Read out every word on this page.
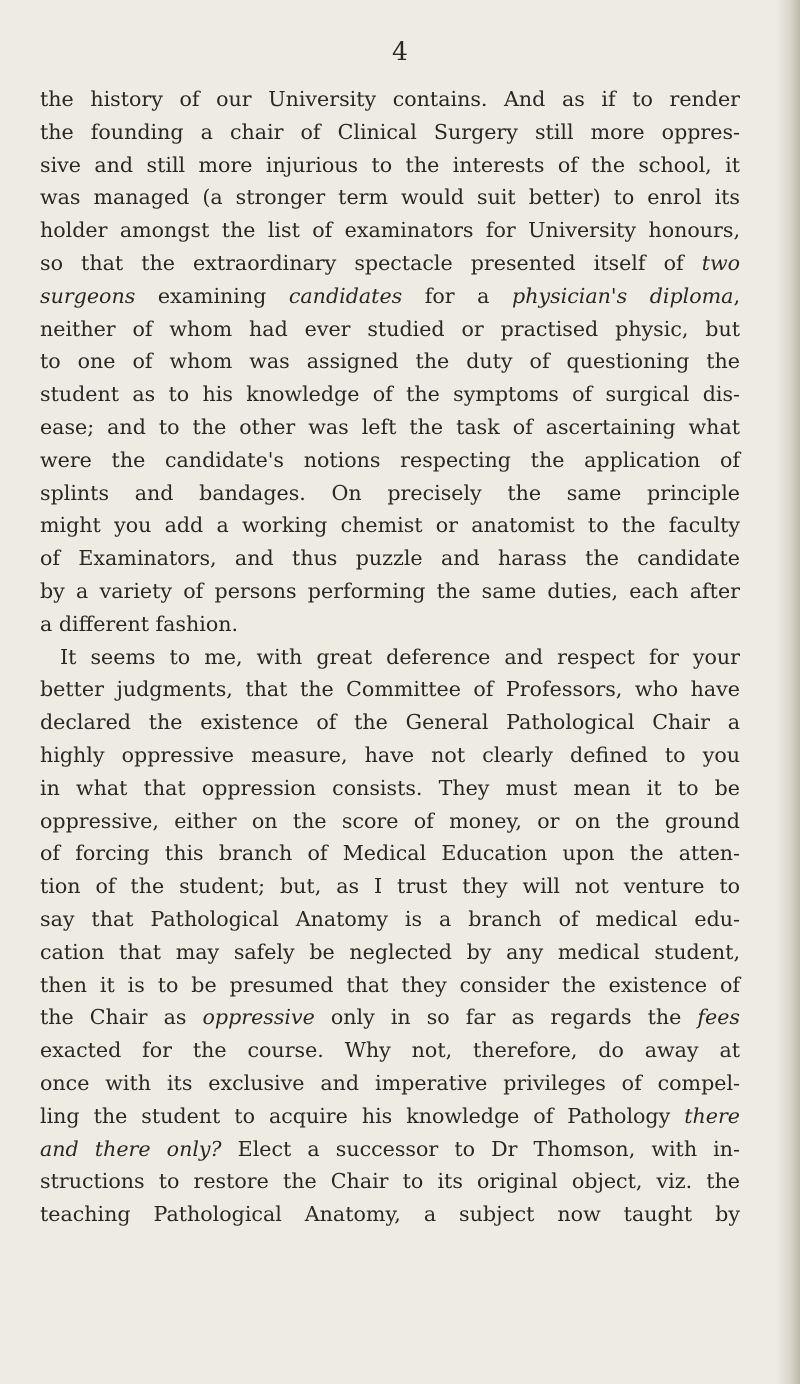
4
the history of our University contains. And as if to render
the founding a chair of Clinical Surgery still more oppres-
sive and still more injurious to the interests of the school, it
was managed (a stronger term would suit better) to enrol its
holder amongst the list of examinators for University honours,
so that the extraordinary spectacle presented itself of two
surgeons examining candidates for a physician's diploma,
neither of whom had ever studied or practised physic, but
to one of whom was assigned the duty of questioning the
student as to his knowledge of the symptoms of surgical dis-
ease; and to the other was left the task of ascertaining what
were the candidate's notions respecting the application of
splints and bandages. On precisely the same principle
might you add a working chemist or anatomist to the faculty
of Examinators, and thus puzzle and harass the candidate
by a variety of persons performing the same duties, each after
a different fashion.
It seems to me, with great deference and respect for your
better judgments, that the Committee of Professors, who have
declared the existence of the General Pathological Chair a
highly oppressive measure, have not clearly defined to you
in what that oppression consists. They must mean it to be
oppressive, either on the score of money, or on the ground
of forcing this branch of Medical Education upon the atten-
tion of the student; but, as I trust they will not venture to
say that Pathological Anatomy is a branch of medical edu-
cation that may safely be neglected by any medical student,
then it is to be presumed that they consider the existence of
the Chair as oppressive only in so far as regards the fees
exacted for the course. Why not, therefore, do away at
once with its exclusive and imperative privileges of compel-
ling the student to acquire his knowledge of Pathology there
and there only? Elect a successor to Dr Thomson, with in-
structions to restore the Chair to its original object, viz. the
teaching Pathological Anatomy, a subject now taught by
